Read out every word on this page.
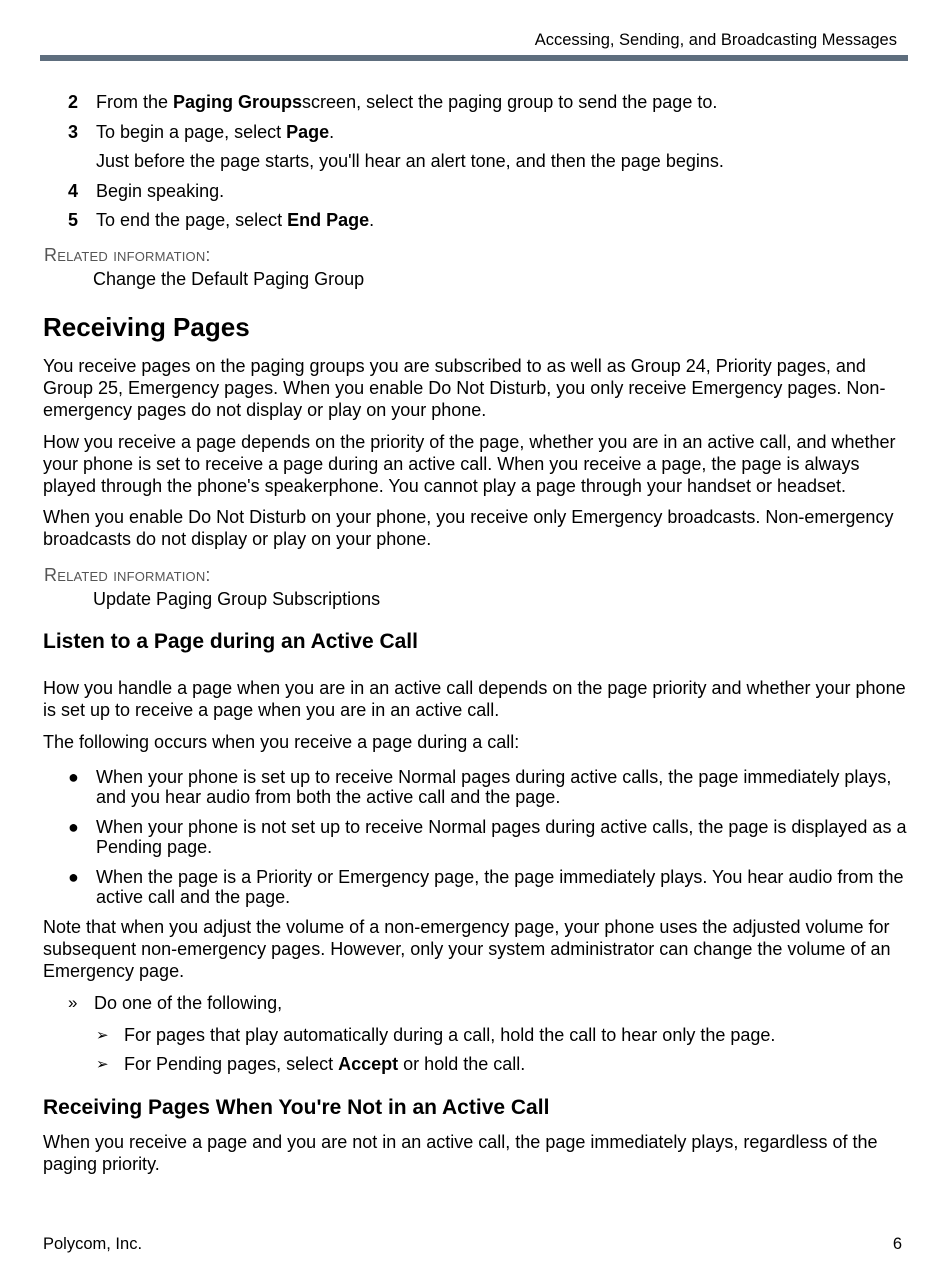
Accessing, Sending, and Broadcasting Messages
2 From the Paging Groupsscreen, select the paging group to send the page to.
3 To begin a page, select Page.
Just before the page starts, you'll hear an alert tone, and then the page begins.
4 Begin speaking.
5 To end the page, select End Page.
Related information:
Change the Default Paging Group
Receiving Pages

You receive pages on the paging groups you are subscribed to as well as Group 24, Priority pages, and Group 25, Emergency pages. When you enable Do Not Disturb, you only receive Emergency pages. Non-emergency pages do not display or play on your phone.

How you receive a page depends on the priority of the page, whether you are in an active call, and whether your phone is set to receive a page during an active call. When you receive a page, the page is always played through the phone's speakerphone. You cannot play a page through your handset or headset.

When you enable Do Not Disturb on your phone, you receive only Emergency broadcasts. Non-emergency broadcasts do not display or play on your phone.

Related information:
Update Paging Group Subscriptions
Listen to a Page during an Active Call

How you handle a page when you are in an active call depends on the page priority and whether your phone is set up to receive a page when you are in an active call.

The following occurs when you receive a page during a call:

● When your phone is set up to receive Normal pages during active calls, the page immediately plays, and you hear audio from both the active call and the page.
● When your phone is not set up to receive Normal pages during active calls, the page is displayed as a Pending page.
● When the page is a Priority or Emergency page, the page immediately plays. You hear audio from the active call and the page.

Note that when you adjust the volume of a non-emergency page, your phone uses the adjusted volume for subsequent non-emergency pages. However, only your system administrator can change the volume of an Emergency page.

» Do one of the following,
➢ For pages that play automatically during a call, hold the call to hear only the page.
➢ For Pending pages, select Accept or hold the call.
Receiving Pages When You're Not in an Active Call

When you receive a page and you are not in an active call, the page immediately plays, regardless of the paging priority.

Polycom, Inc.	6
